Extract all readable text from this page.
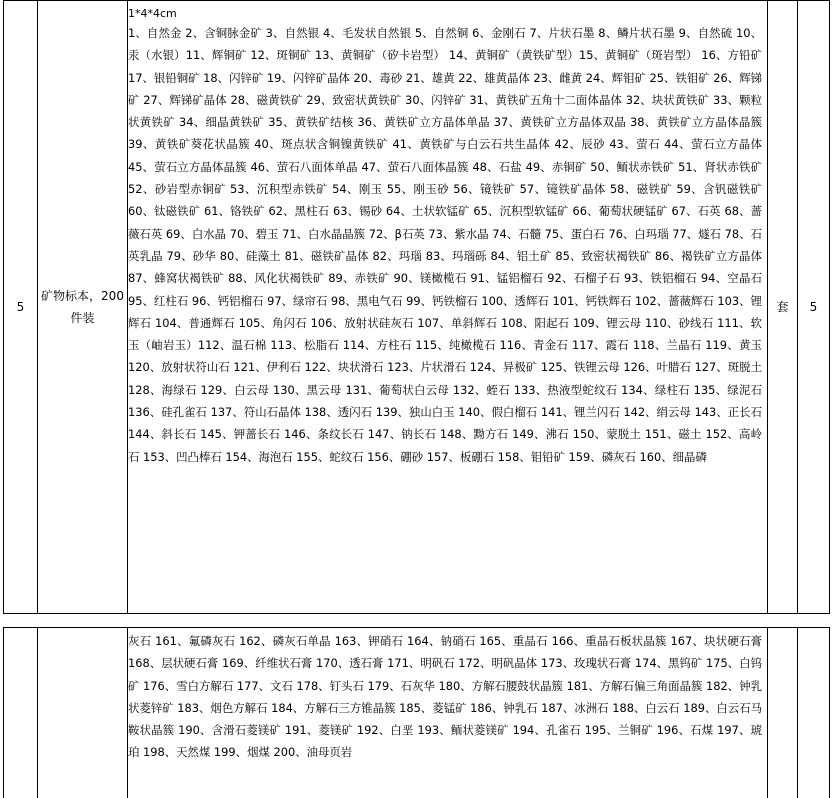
5
矿物标本，200件装
套 5
1*4*4cm
1、自然金 2、含铜脉金矿 3、自然银 4、毛发状自然银 5、自然铜 6、金刚石 7、片状石墨 8、鳞片状石墨 9、自然硫 10、汞（水银）11、辉铜矿 12、斑铜矿 13、黄铜矿（矽卡岩型） 14、黄铜矿（黄铁矿型）15、黄铜矿（斑岩型） 16、方铅矿 17、银铅铜矿 18、闪锌矿 19、闪锌矿晶体 20、毒砂 21、雄黄 22、雄黄晶体 23、雌黄 24、辉钼矿 25、铁钼矿 26、辉锑矿 27、辉锑矿晶体 28、磁黄铁矿 29、致密状黄铁矿 30、闪锌矿 31、黄铁矿五角十二面体晶体 32、块状黄铁矿 33、颗粒状黄铁矿 34、细晶黄铁矿 35、黄铁矿结核 36、黄铁矿立方晶体单晶 37、黄铁矿立方晶体双晶 38、黄铁矿立方晶体晶簇 39、黄铁矿葵花状晶簇 40、斑点状含铜镍黄铁矿 41、黄铁矿与白云石共生晶体 42、辰砂 43、萤石 44、萤石立方晶体 45、萤石立方晶体晶簇 46、萤石八面体单晶 47、萤石八面体晶簇 48、石盐 49、赤铜矿 50、鲕状赤铁矿 51、肾状赤铁矿 52、砂岩型赤铜矿 53、沉积型赤铁矿 54、刚玉 55、刚玉砂 56、镜铁矿 57、镜铁矿晶体 58、磁铁矿 59、含钒磁铁矿 60、钛磁铁矿 61、铬铁矿 62、黑柱石 63、锡砂 64、土状软锰矿 65、沉积型软锰矿 66、葡萄状硬锰矿 67、石英 68、蔷薇石英 69、白水晶 70、碧玉 71、白水晶晶簇 72、β石英 73、紫水晶 74、石髓 75、蛋白石 76、白玛瑙 77、燧石 78、石英乳晶 79、砂华 80、硅藻土 81、磁铁矿晶体 82、玛瑙 83、玛瑙砾 84、铝土矿 85、致密状褐铁矿 86、褐铁矿立方晶体 87、蜂窝状褐铁矿 88、风化状褐铁矿 89、赤铁矿 90、镁橄榄石 91、锰铝榴石 92、石榴子石 93、铁铝榴石 94、空晶石 95、红柱石 96、钙铝榴石 97、绿帘石 98、黑电气石 99、钙铁榴石 100、透辉石 101、钙铁辉石 102、蔷薇辉石 103、锂辉石 104、普通辉石 105、角闪石 106、放射状硅灰石 107、单斜辉石 108、阳起石 109、锂云母 110、砂线石 111、软玉（岫岩玉）112、温石棉 113、松脂石 114、方柱石 115、纯橄榄石 116、青金石 117、霞石 118、兰晶石 119、黄玉 120、放射状符山石 121、伊利石 122、块状滑石 123、片状滑石 124、异极矿 125、铁锂云母 126、叶腊石 127、斑脱土 128、海绿石 129、白云母 130、黑云母 131、葡萄状白云母 132、蛭石 133、热液型蛇纹石 134、绿柱石 135、绿泥石 136、硅孔雀石 137、符山石晶体 138、透闪石 139、独山白玉 140、假白榴石 141、锂兰闪石 142、绢云母 143、正长石 144、斜长石 145、钾蔷长石 146、条纹长石 147、钠长石 148、黝方石 149、沸石 150、蒙脱土 151、磁土 152、高岭石 153、凹凸棒石 154、海泡石 155、蛇纹石 156、硼砂 157、板硼石 158、钼铅矿 159、磷灰石 160、细晶磷
灰石 161、氟磷灰石 162、磷灰石单晶 163、钾硝石 164、钠硝石 165、重晶石 166、重晶石板状晶簇 167、块状硬石膏 168、层状硬石膏 169、纤维状石膏 170、透石膏 171、明矾石 172、明矾晶体 173、玫瑰状石膏 174、黑钨矿 175、白钨矿 176、雪白方解石 177、文石 178、钉头石 179、石灰华 180、方解石腰鼓状晶簇 181、方解石偏三角面晶簇 182、钟乳状菱锌矿 183、烟色方解石 184、方解石三方锥晶簇 185、菱锰矿 186、钟乳石 187、冰洲石 188、白云石 189、白云石马鞍状晶簇 190、含滑石菱镁矿 191、菱镁矿 192、白垩 193、鲕状菱镁矿 194、孔雀石 195、兰铜矿 196、石煤 197、琥珀 198、天然煤 199、烟煤 200、油母页岩
